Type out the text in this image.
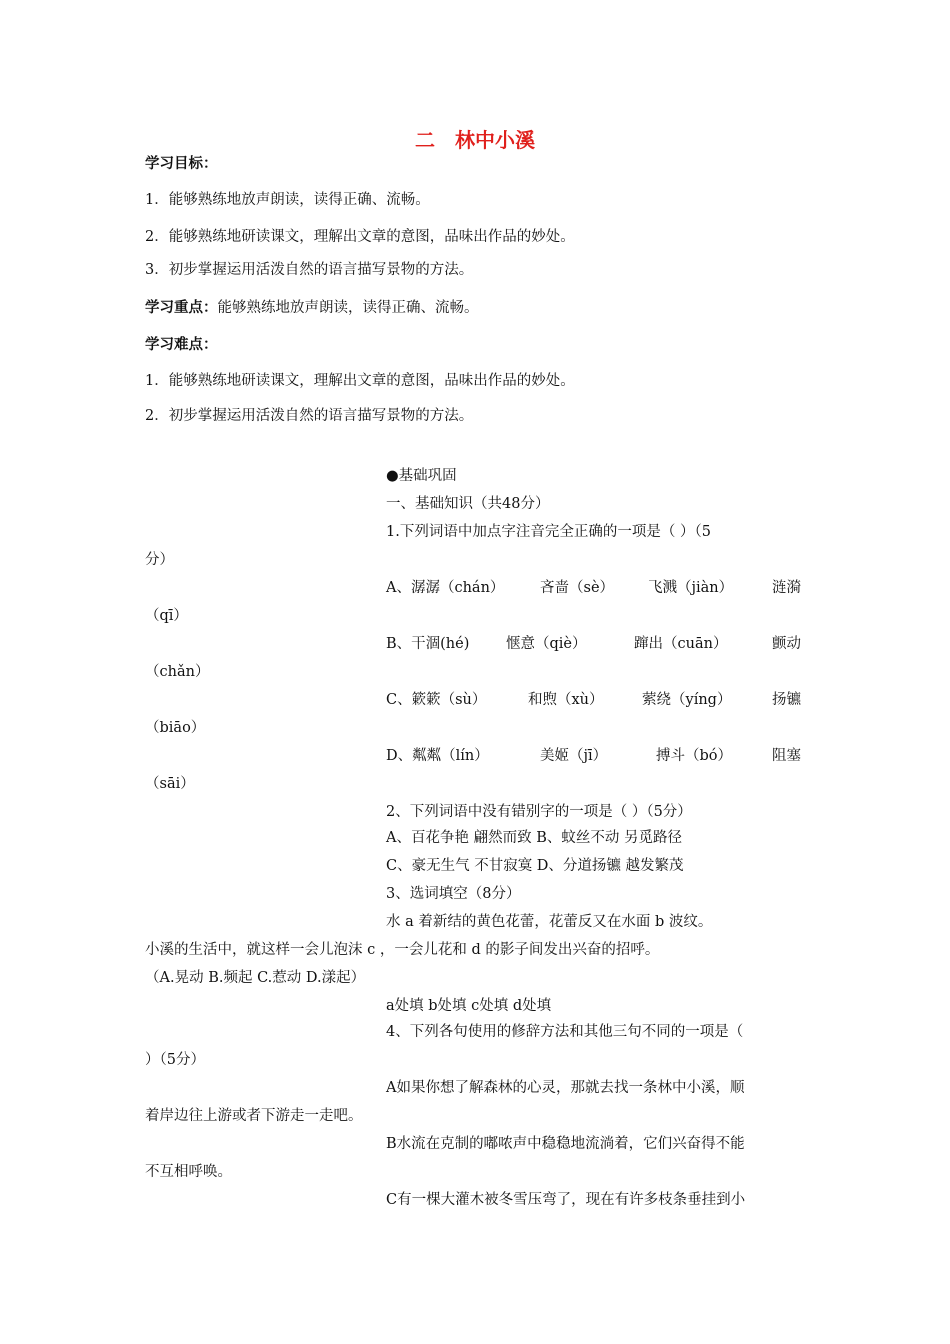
二　林中小溪
学习目标：
1．能够熟练地放声朗读，读得正确、流畅。
2．能够熟练地研读课文，理解出文章的意图，品味出作品的妙处。
3．初步掌握运用活泼自然的语言描写景物的方法。
学习重点：能够熟练地放声朗读，读得正确、流畅。
学习难点：
1．能够熟练地研读课文，理解出文章的意图，品味出作品的妙处。
2．初步掌握运用活泼自然的语言描写景物的方法。
●基础巩固
一、基础知识（共48分）
1.下列词语中加点字注音完全正确的一项是（ ）（5
分）
A、潺潺（chán） 吝啬（sè） 飞溅（jiàn）	涟漪
（qī）
B、干涸(hé)	惬意（qiè）	蹿出（cuān）	颤动
（chǎn）
C、簌簌（sù）	和煦（xù）	萦绕（yíng）	扬镳
（biāo）
D、粼粼（lín）	美姬（jī）	搏斗（bó）	阻塞
（sāi）
2、下列词语中没有错别字的一项是（ ）（5分）
A、百花争艳 翩然而致 B、蚊丝不动 另觅路径
C、豪无生气 不甘寂寞 D、分道扬镳 越发繁茂
3、选词填空（8分）
水 a 着新结的黄色花蕾，花蕾反又在水面 b 波纹。
小溪的生活中，就这样一会儿泡沫 c ，一会儿花和 d 的影子间发出兴奋的招呼。
（A.晃动 B.频起 C.惹动 D.漾起）
a处填 b处填 c处填 d处填
4、下列各句使用的修辞方法和其他三句不同的一项是（
）（5分）
A如果你想了解森林的心灵，那就去找一条林中小溪，顺
着岸边往上游或者下游走一走吧。
B水流在克制的嘟哝声中稳稳地流淌着，它们兴奋得不能
不互相呼唤。
C有一棵大灌木被冬雪压弯了，现在有许多枝条垂挂到小
